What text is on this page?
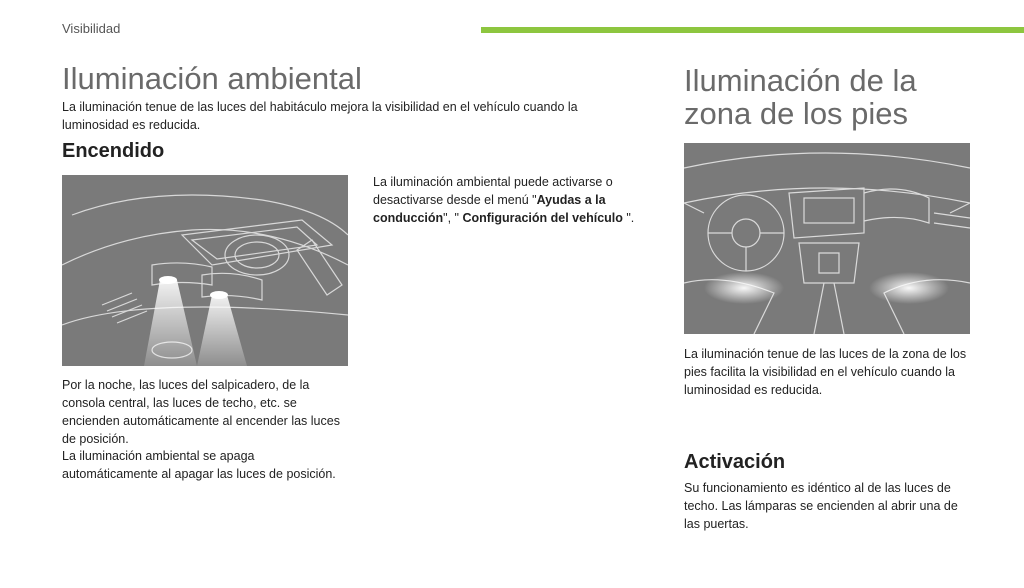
Visibilidad
Iluminación ambiental

La iluminación tenue de las luces del habitáculo mejora la visibilidad en el vehículo cuando la luminosidad es reducida.

Encendido

Por la noche, las luces del salpicadero, de la consola central, las luces de techo, etc. se encienden automáticamente al encender las luces de posición.

La iluminación ambiental se apaga automáticamente al apagar las luces de posición.

La iluminación ambiental puede activarse o desactivarse desde el menú "Ayudas a la conducción", " Configuración del vehículo ".

Iluminación de la zona de los pies

La iluminación tenue de las luces de la zona de los pies facilita la visibilidad en el vehículo cuando la luminosidad es reducida.

Activación

Su funcionamiento es idéntico al de las luces de techo. Las lámparas se encienden al abrir una de las puertas.
